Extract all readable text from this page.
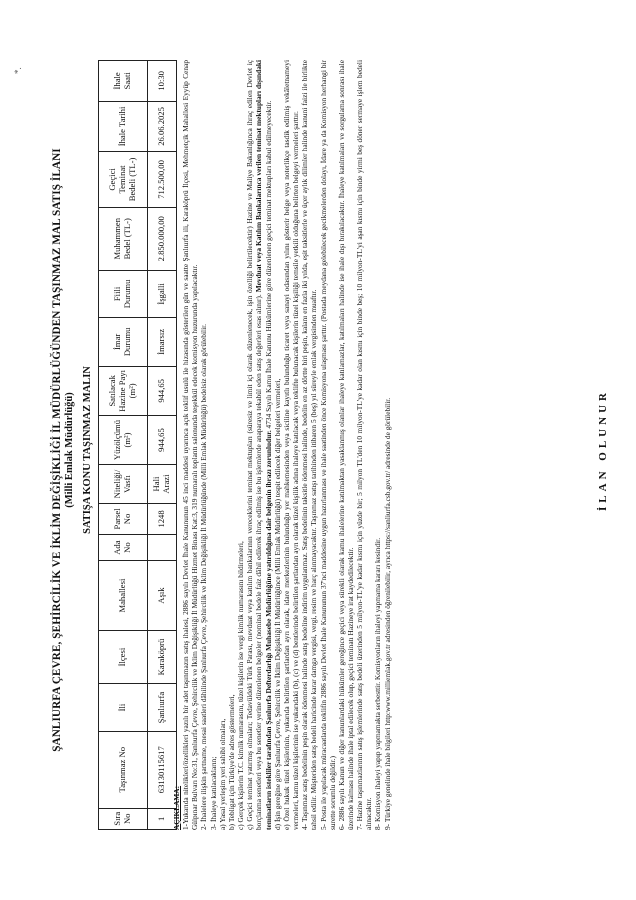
*.
ŞANLIURFA ÇEVRE, ŞEHİRCİLİK VE İKLİM DEĞİŞİKLİĞİ İL MÜDÜRLÜĞÜNDEN TAŞINMAZ MAL SATIŞ İLANI (Milli Emlak Müdürlüğü) SATIŞA KONU TAŞINMAZ MALIN
Sıra No	Taşınmaz No	İli	İlçesi	Mahallesi	Ada No	Parsel No	Niteliği/ Vasfı	Yüzölçümü (m²)	Satılacak Hazine Payı (m²)	İmar Durumu	Fiili Durumu	Muhammen Bedel (TL-)	Geçici Teminat Bedeli (TL-)	İhale Tarihi	İhale Saati
1	63130115617	Şanlıurfa	Karaköprü	Aşık		1248	Hali Arazi	944,65	944,65	İmarsız	İşgalli	2.850.000,00	712.500,00	26.06.2025	10:30

AÇIKLAMA: 1-Yukarıda nitelikleri/özellikleri yazılı bir adet taşınmazın satış ihalesi, 2886 sayılı Devlet İhale Kanununun 45 inci maddesi uyarınca açık teklif usulü ile hizasında gösterilen gün ve saatte Şanlıurfa ili, Karaköprü İlçesi, Mehmetçik Mahallesi Eyyüp Cenap Gülpınar Bulvarı No:31, Şanlıurfa Çevre, Şehircilik ve İklim Değişikliği İl Müdürlüğü Hizmet Binası Kat:3, 319 numaralı toplantı salonunda teşekkül edecek komisyon huzurunda yapılacaktır. 2- İhalelere ilişkin şartname, mesai saatleri dâhilinde Şanlıurfa Çevre, Şehircilik ve İklim Değişikliği İl Müdürlüğünde (Milli Emlak Müdürlüğü) bedelsiz olarak görülebilir. 3- İhaleye katılacakların; a) Yasal yerleşim yeri sahibi olmaları, b) Tebligat için Türkiye'de adres göstermeleri, c) Gerçek kişilerin T.C. kimlik numarasını, tüzel kişilerin ise vergi kimlik numarasını bildirmeleri, ç) Geçici teminat yatırmış olmaları; Tedavüldeki Türk Parası, mevduat veya katılım bankalarının vereceklerini teminat mektupları (süresiz ve limit içi olarak düzenlenecek, işin özelliği belirtilecektir) Hazine ve Maliye Bakanlığınca ihraç edilen Devlet iç borçlanma senetleri veya bu senetler yerine düzenlenen belgeler (nominal bedele faiz dâhil edilerek ihraç edilmiş ise bu işlemlerde anaparaya tekabül eden satış değerleri esas alınır). Mevduat veya Katılım Bankalarınca verilen teminat mektupları dışındaki teminatların istekliler tarafından Şanlıurfa Defterdarlığı Muhasebe Müdürlüğüne yatırıldığına dair belgenin ibrazı zorunludur. 4734 Sayılı Kamu İhale Kanunu Hükümlerine göre düzenlenen geçici teminat mektupları kabul edilmeyecektir.

d) İşin gereğine göre Şanlıurfa Çevre, Şehircilik ve İklim Değişikliği İl Müdürlüğünce (Milli Emlak Müdürlüğü) tespit edilecek diğer belgeleri vermeleri, e) Özel hukuk tüzel kişilerinin, yukarıda belirtilen şartlardan ayrı olarak, idare merkezlerinin bulunduğu yer mahkemesinden veya siciline kayıtlı bulunduğu ticaret veya sanayi odasından yılını gösterir belge veya noterlikçe tasdik edilmiş vekâletnameyi vermeleri, kamu tüzel kişilerinin ise yukarıdaki (b), (c) ve (d) bentlerinde belirtilen şartlardan ayrı olarak tüzel kişilik adına ihaleye katılacak veya teklifte bulunacak kişilerin tüzel kişiliği temsile yetkili olduğuna belirten belgeyi vermeleri şarttır. 4- Taşınmaz satış bedelinin peşin olarak ödenmesi halinde satış bedeline indirim uygulanmaz. Satış bedelinin taksitle ödenmesi halinde, bedelin en az dörtte biri peşin, kalanı en fazla iki yılda, eşit taksitlerle ve üçer aylık dilimler halinde kanuni faizi ile birlikte tahsil edilir. Müşteriden satış bedeli haricinde karar damga vergisi, vergi, resim ve harç alınmayacaktır. Taşınmaz satışı tarihinden itibaren 5 (beş) yıl süreyle emlak vergisinden muaftır. 5- Posta ile yapılacak müracaatlarda teklifin 2886 sayılı Devlet İhale Kanununun 37'nci maddesine uygun hazırlanması ve ihale saatinden önce Komisyona ulaşması şarttır. (Postada meydana gelebilecek gecikmelerden dolayı, İdare ya da Komisyon herhangi bir surette sorumlu değildir.) 6- 2886 sayılı Kanun ve diğer kanunlardaki hükümler gereğince geçici veya sürekli olarak kamu ihalelerine katılmaktan yasaklanmış olanlar ihaleye katılamazlar, katılmaları halinde ise ihale dışı bırakılacaktır. İhaleye katılmaları ve sorgulama sonrası ihale üzerinde kalması halinde ihale iptal edilecek olup, geçici teminatı Hazineye irat kaydedilecektir. 7- Hazine taşınmazlarının satış işlemlerinde satış bedeli üzerinden 5 milyon-TL'ye kadar kısmı için yüzde bir; 5 milyon TL'den 10 milyon-TL'ye kadar olan kısmı için binde beş; 10 milyon-TL'yi aşan kısmı için binde yirmi beş döner sermaye işlem bedeli alınacaktır. 8- Komisyon ihaleyi yapıp yapmamakta serbesttir. Komisyonların ihaleyi yapmama kararı kesindir. 9- Türkiye genelinde ihale bilgileri http:www.milliemlak.gov.tr adresinden öğrenilebilir, ayrıca https://sanliurfa.csb.gov.tr/ adresinde de görülebilir.	İLAN OLUNUR
